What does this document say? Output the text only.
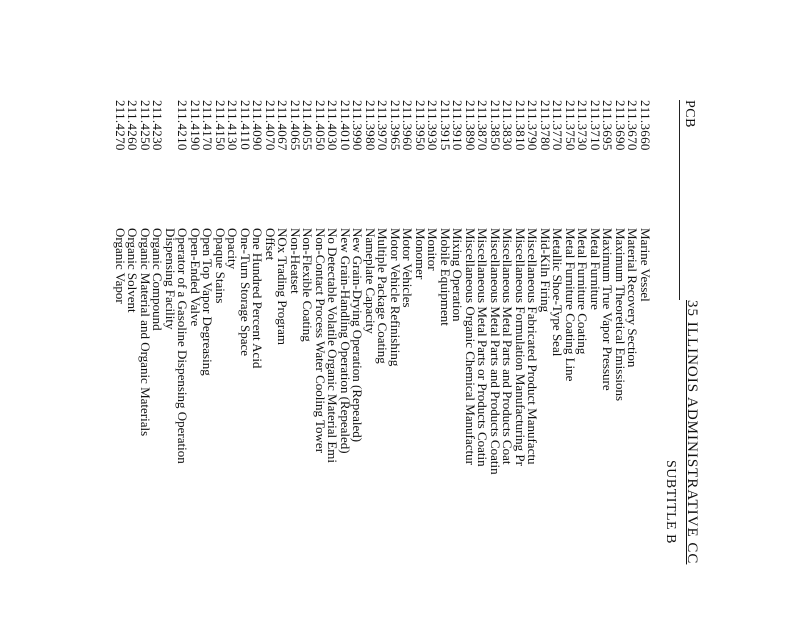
PCB
35 ILLINOIS ADMINISTRATIVE CC
SUBTITLE B
211.3660
Marine Vessel
211.3670
Material Recovery Section
211.3690
Maximum Theoretical Emissions
211.3695
Maximum True Vapor Pressure
211.3710
Metal Furniture
211.3730
Metal Furniture Coating
211.3750
Metal Furniture Coating Line
211.3770
Metallic Shoe-Type Seal
211.3780
Mid-Kiln Firing
211.3790
Miscellaneous Fabricated Product Manufactu
211.3810
Miscellaneous Formulation Manufacturing Pr
211.3830
Miscellaneous Metal Parts and Products Coat
211.3850
Miscellaneous Metal Parts and Products Coatin
211.3870
Miscellaneous Metal Parts or Products Coatin
211.3890
Miscellaneous Organic Chemical Manufactur
211.3910
Mixing Operation
211.3915
Mobile Equipment
211.3930
Monitor
211.3950
Monomer
211.3960
Motor Vehicles
211.3965
Motor Vehicle Refinishing
211.3970
Multiple Package Coating
211.3980
Nameplate Capacity
211.3990
New Grain-Drying Operation (Repealed)
211.4010
New Grain-Handling Operation (Repealed)
211.4030
No Detectable Volatile Organic Material Emi
211.4050
Non-Contact Process Water Cooling Tower
211.4055
Non-Flexible Coating
211.4065
Non-Heatset
211.4067
NOx Trading Program
211.4070
Offset
211.4090
One Hundred Percent Acid
211.4110
One-Turn Storage Space
211.4130
Opacity
211.4150
Opaque Stains
211.4170
Open Top Vapor Degreasing
211.4190
Open-Ended Valve
211.4210
Operator of a Gasoline Dispensing Operation
Dispensing Facility
211.4230
Organic Compound
211.4250
Organic Material and Organic Materials
211.4260
Organic Solvent
211.4270
Organic Vapor
